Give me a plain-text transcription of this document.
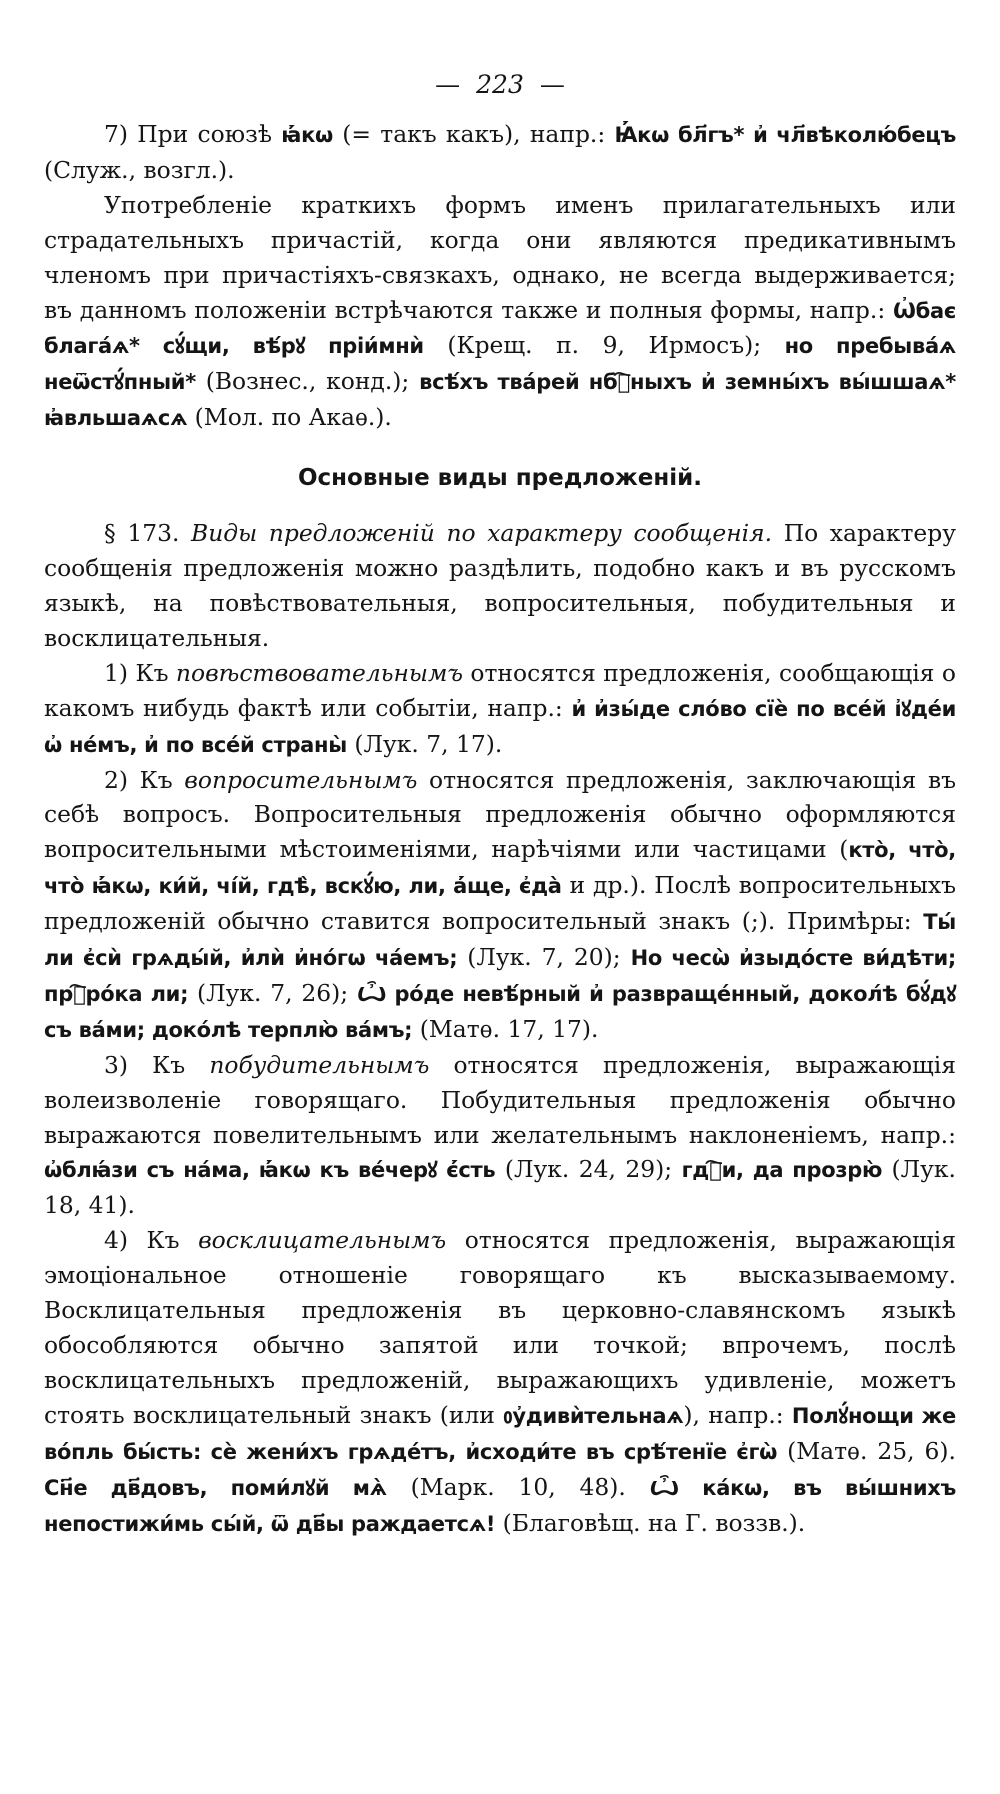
— 223 —

7) При союзѣ ꙗ҆́кѡ (= такъ какъ), напр.: Ꙗ҆́кѡ бл҃гъ* и҆ чл҃вѣколю́бецъ (Служ., возгл.).

Употребленіе краткихъ формъ именъ прилагательныхъ или страдательныхъ причастій, когда они являются предикативнымъ членомъ при причастіяхъ-связкахъ, однако, не всегда выдерживается; въ данномъ положеніи встрѣчаются также и полныя формы, напр.: Ѡ҆бає блага́ѧ* сꙋ́щи, вѣ́рꙋ пріи́мнѝ (Крещ. п. 9, Ирмосъ); но пребыва́ѧ неѿстꙋ́пный* (Вознес., конд.); всѣ́хъ тва́рей нбⷭ҇ныхъ и҆ земны́хъ вы́шшаѧ* ꙗ҆вльшаѧсѧ (Мол. по Акаѳ.).

Основные виды предложеній.

§ 173. Виды предложеній по характеру сообщенія. По характеру сообщенія предложенія можно раздѣлить, подобно какъ и въ русскомъ языкѣ, на повѣствовательныя, вопросительныя, побудительныя и восклицательныя.

1) Къ повѣствовательнымъ относятся предложенія, сообщающія о какомъ нибудь фактѣ или событіи, напр.: и҆ и҆зы́де сло́во сїѐ по все́й і҆ꙋде́и ѡ҆ не́мъ, и҆ по все́й страны̀ (Лук. 7, 17).

2) Къ вопросительнымъ относятся предложенія, заключающія въ себѣ вопросъ. Вопросительныя предложенія обычно оформляются вопросительными мѣстоименіями, нарѣчіями или частицами (кто̀, что̀, что̀ ꙗ҆́кѡ, ки́й, чі́й, гдѣ̀, вскꙋ́ю, ли, а҆́ще, є҆да̀ и др.). Послѣ вопросительныхъ предложеній обычно ставится вопросительный знакъ (;). Примѣры: Ты́ ли є҆сѝ грѧды́й, и҆лѝ и҆но́гѡ ча́емъ; (Лук. 7, 20); Но чесѡ̀ и҆зыдо́сте ви́дѣти; прⷪ҇ро́ка ли; (Лук. 7, 26); Ѽ ро́де невѣ́рный и҆ развраще́нный, докол́ѣ бꙋ́дꙋ съ ва́ми; доко́лѣ терплю̀ ва́мъ; (Матѳ. 17, 17).

3) Къ побудительнымъ относятся предложенія, выражающія волеизволеніе говорящаго. Побудительныя предложенія обычно выражаются повелительнымъ или желательнымъ наклоненіемъ, напр.: ѡ҆блꙗ́зи съ на́ма, ꙗ҆́кѡ къ ве́черꙋ є҆́сть (Лук. 24, 29); гдⷭ҇и, да прозрю̀ (Лук. 18, 41).

4) Къ восклицательнымъ относятся предложенія, выражающія эмоціональное отношеніе говорящаго къ высказываемому. Восклицательныя предложенія въ церковно-славянскомъ языкѣ обособляются обычно запятой или точкой; впрочемъ, послѣ восклицательныхъ предложеній, выражающихъ удивленіе, можетъ стоять восклицательный знакъ (или ᲂу҆дивѝтельнаѧ), напр.: Полꙋ́нощи же во́пль бы́сть: сѐ жени́хъ грѧде́тъ, и҆сходи́те въ срѣ́тенїе є҆гѡ̀ (Матѳ. 25, 6). Сн҃е дв҃довъ, поми́лꙋй мѧ̀ (Марк. 10, 48). Ѽ ка́кѡ, въ вы́шнихъ непостижи́мь сы́й, ѿ дв҃ы раждаетсѧ! (Благовѣщ. на Г. воззв.).
